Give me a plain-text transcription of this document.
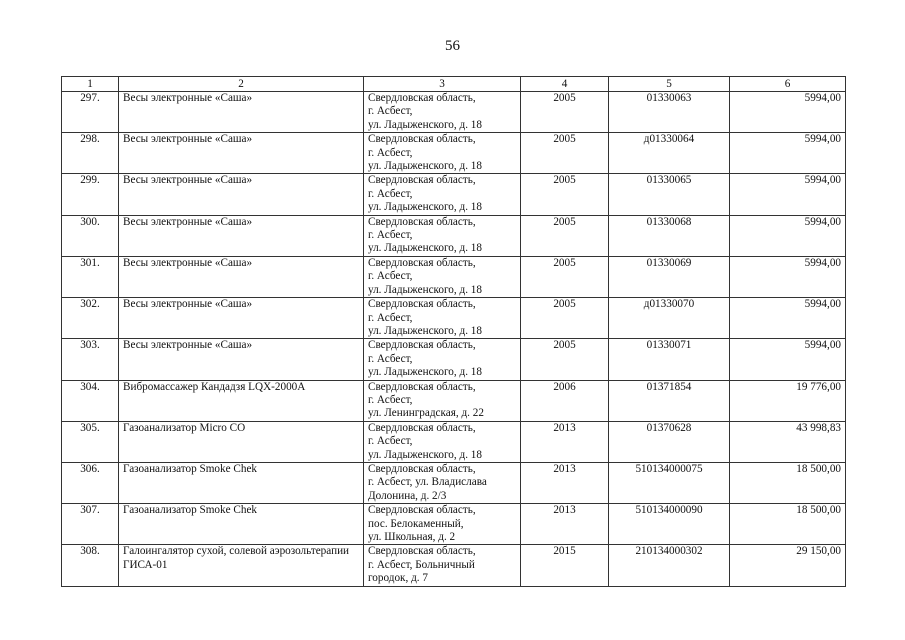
56
1	2	3	4	5	6
297.	Весы электронные «Саша»	Свердловская область,
г. Асбест,
ул. Ладыженского, д. 18	2005	01330063	5994,00
298.	Весы электронные «Саша»	Свердловская область,
г. Асбест,
ул. Ладыженского, д. 18	2005	д01330064	5994,00
299.	Весы электронные «Саша»	Свердловская область,
г. Асбест,
ул. Ладыженского, д. 18	2005	01330065	5994,00
300.	Весы электронные «Саша»	Свердловская область,
г. Асбест,
ул. Ладыженского, д. 18	2005	01330068	5994,00
301.	Весы электронные «Саша»	Свердловская область,
г. Асбест,
ул. Ладыженского, д. 18	2005	01330069	5994,00
302.	Весы электронные «Саша»	Свердловская область,
г. Асбест,
ул. Ладыженского, д. 18	2005	д01330070	5994,00
303.	Весы электронные «Саша»	Свердловская область,
г. Асбест,
ул. Ладыженского, д. 18	2005	01330071	5994,00
304.	Вибромассажер Кандадзя LQX-2000A	Свердловская область,
г. Асбест,
ул. Ленинградская, д. 22	2006	01371854	19 776,00
305.	Газоанализатор Micro CO	Свердловская область,
г. Асбест,
ул. Ладыженского, д. 18	2013	01370628	43 998,83
306.	Газоанализатор Smoke Chek	Свердловская область,
г. Асбест, ул. Владислава
Долонина, д. 2/3	2013	510134000075	18 500,00
307.	Газоанализатор Smoke Chek	Свердловская область,
пос. Белокаменный,
ул. Школьная, д. 2	2013	510134000090	18 500,00
308.	Галоингалятор сухой, солевой аэрозольтерапии ГИСА-01	Свердловская область,
г. Асбест, Больничный
городок, д. 7	2015	210134000302	29 150,00
